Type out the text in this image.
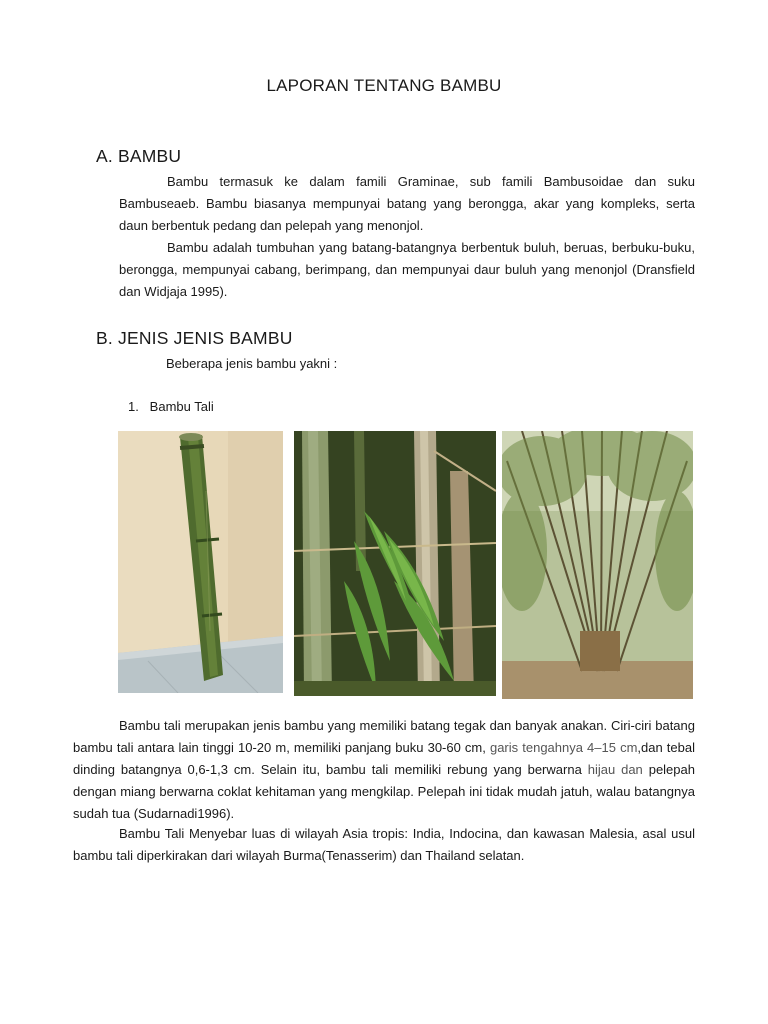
LAPORAN TENTANG BAMBU
A. BAMBU

Bambu termasuk ke dalam famili Graminae, sub famili Bambusoidae dan suku Bambuseaeb. Bambu biasanya mempunyai batang yang berongga, akar yang kompleks, serta daun berbentuk pedang dan pelepah yang menonjol.

Bambu adalah tumbuhan yang batang-batangnya berbentuk buluh, beruas, berbuku-buku, berongga, mempunyai cabang, berimpang, dan mempunyai daur buluh yang menonjol (Dransfield dan Widjaja 1995).

B. JENIS JENIS BAMBU
Beberapa jenis bambu yakni :
1.   Bambu Tali

Bambu tali merupakan jenis bambu yang memiliki batang tegak dan banyak anakan. Ciri-ciri batang bambu tali antara lain tinggi 10-20 m, memiliki panjang buku 30-60 cm, garis tengahnya 4–15 cm,dan tebal dinding batangnya 0,6-1,3 cm. Selain itu, bambu tali memiliki rebung yang berwarna hijau dan pelepah dengan miang berwarna coklat kehitaman yang mengkilap. Pelepah ini tidak mudah jatuh, walau batangnya sudah tua (Sudarnadi1996).

Bambu Tali Menyebar luas di wilayah Asia tropis: India, Indocina, dan kawasan Malesia, asal usul bambu tali diperkirakan dari wilayah Burma(Tenasserim) dan Thailand selatan.
